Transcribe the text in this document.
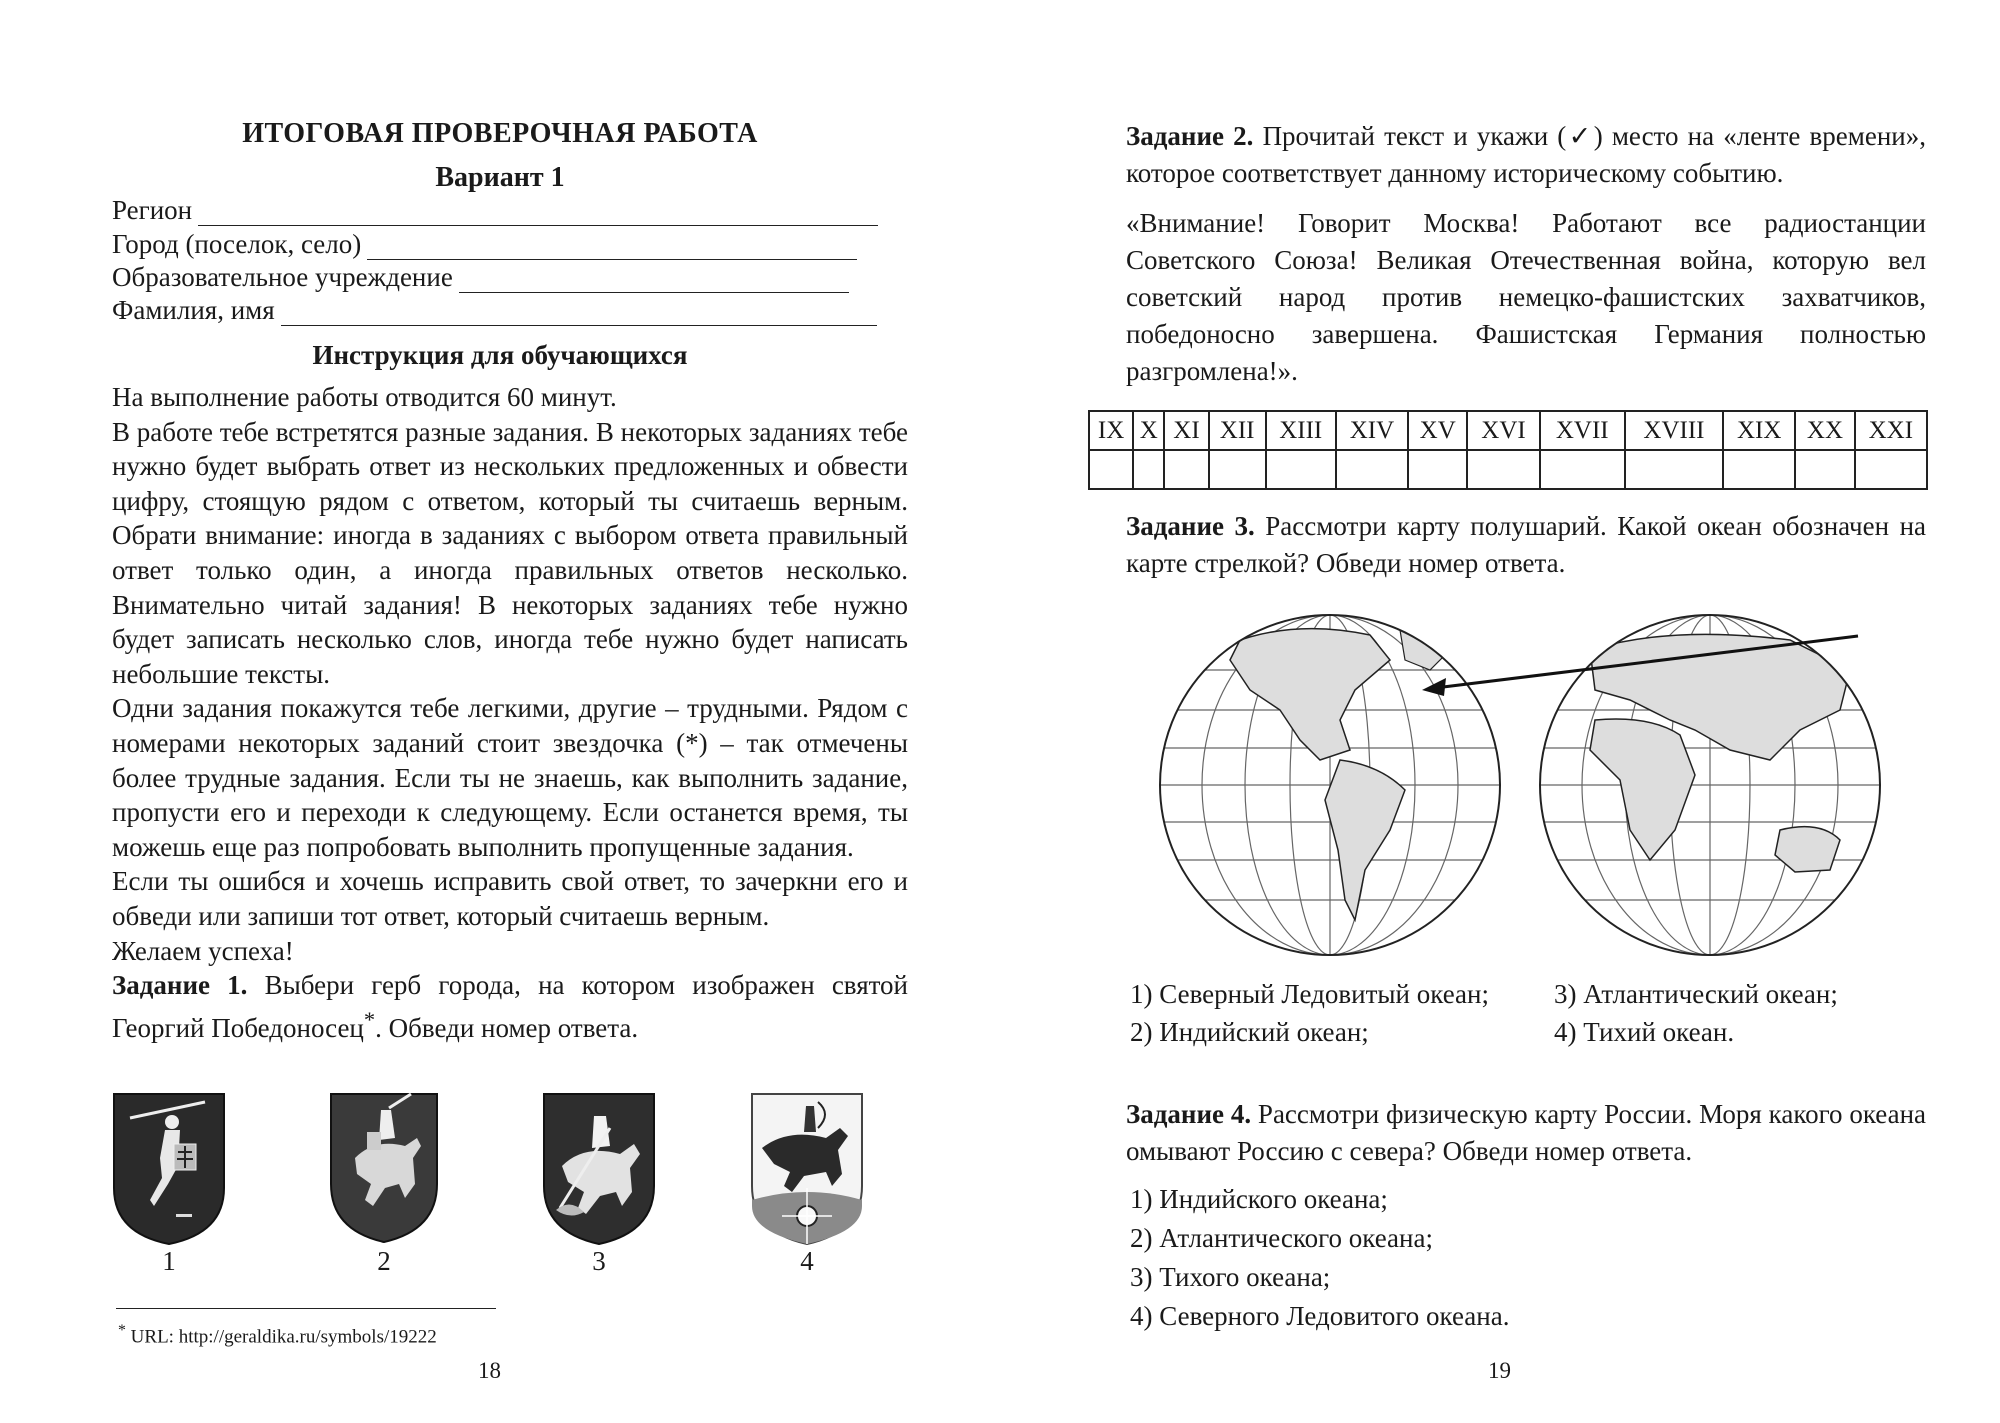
ИТОГОВАЯ ПРОВЕРОЧНАЯ РАБОТА
Вариант 1
Регион
Город (поселок, село)
Образовательное учреждение
Фамилия, имя
Инструкция для обучающихся

На выполнение работы отводится 60 минут.

В работе тебе встретятся разные задания. В некоторых заданиях тебе нужно будет выбрать ответ из нескольких предложенных и обвести цифру, стоящую рядом с ответом, который ты считаешь верным. Обрати внимание: иногда в заданиях с выбором ответа правильный ответ только один, а иногда правильных ответов несколько. Внимательно читай задания! В некоторых заданиях тебе нужно будет записать несколько слов, иногда тебе нужно будет написать небольшие тексты.

Одни задания покажутся тебе легкими, другие – трудными. Рядом с номерами некоторых заданий стоит звездочка (*) – так отмечены более трудные задания. Если ты не знаешь, как выполнить задание, пропусти его и переходи к следующему. Если останется время, ты можешь еще раз попробовать выполнить пропущенные задания.

Если ты ошибся и хочешь исправить свой ответ, то зачеркни его и обведи или запиши тот ответ, который считаешь верным.

Желаем успеха!

Задание 1. Выбери герб города, на котором изображен святой Георгий Победоносец*. Обведи номер ответа.

1	2	3	4
* URL: http://geraldika.ru/symbols/19222
18
Задание 2. Прочитай текст и укажи (✓) место на «ленте времени», которое соответствует данному историческому событию.
«Внимание! Говорит Москва! Работают все радиостанции Советского Союза! Великая Отечественная война, которую вел советский народ против немецко-фашистских захватчиков, победоносно завершена. Фашистская Германия полностью разгромлена!».
IX	X	XI	XII	XIII	XIV	XV	XVI	XVII	XVIII	XIX	XX	XXI

Задание 3. Рассмотри карту полушарий. Какой океан обозначен на карте стрелкой? Обведи номер ответа.
1) Северный Ледовитый океан;	3) Атлантический океан;
2) Индийский океан;	4) Тихий океан.
Задание 4. Рассмотри физическую карту России. Моря какого океана омывают Россию с севера? Обведи номер ответа.
1) Индийского океана;
2) Атлантического океана;
3) Тихого океана;
4) Северного Ледовитого океана.
19
